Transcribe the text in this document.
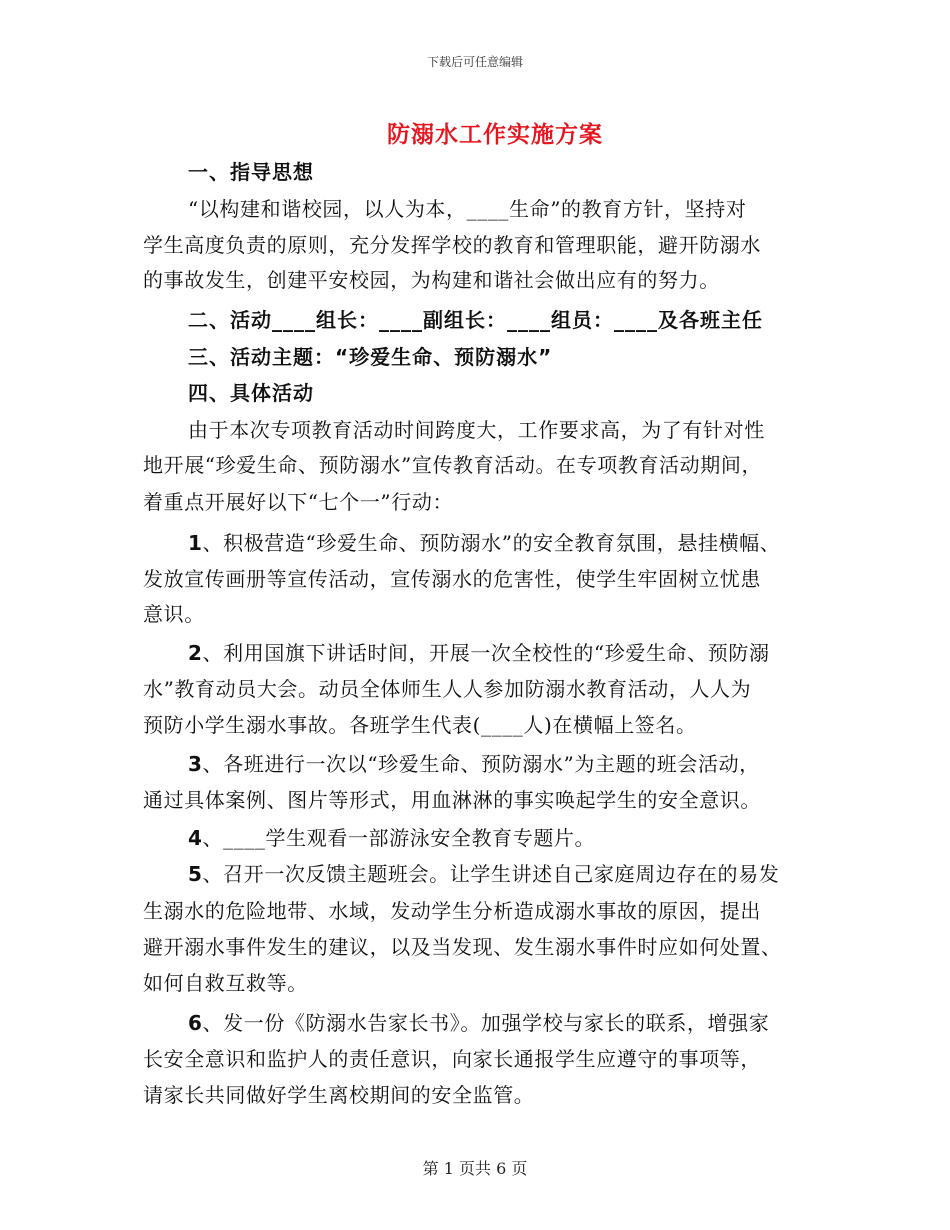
下载后可任意编辑
防溺水工作实施方案
一、指导思想
“以构建和谐校园，以人为本，____生命”的教育方针，坚持对
学生高度负责的原则，充分发挥学校的教育和管理职能，避开防溺水
的事故发生，创建平安校园，为构建和谐社会做出应有的努力。
二、活动____组长：____副组长：____组员：____及各班主任
三、活动主题：“珍爱生命、预防溺水”
四、具体活动
由于本次专项教育活动时间跨度大，工作要求高，为了有针对性
地开展“珍爱生命、预防溺水”宣传教育活动。在专项教育活动期间，
着重点开展好以下“七个一”行动：
1、积极营造“珍爱生命、预防溺水”的安全教育氛围，悬挂横幅、
发放宣传画册等宣传活动，宣传溺水的危害性，使学生牢固树立忧患
意识。
2、利用国旗下讲话时间，开展一次全校性的“珍爱生命、预防溺
水”教育动员大会。动员全体师生人人参加防溺水教育活动，人人为
预防小学生溺水事故。各班学生代表(____人)在横幅上签名。
3、各班进行一次以“珍爱生命、预防溺水”为主题的班会活动，
通过具体案例、图片等形式，用血淋淋的事实唤起学生的安全意识。
4、____学生观看一部游泳安全教育专题片。
5、召开一次反馈主题班会。让学生讲述自己家庭周边存在的易发
生溺水的危险地带、水域，发动学生分析造成溺水事故的原因，提出
避开溺水事件发生的建议，以及当发现、发生溺水事件时应如何处置、
如何自救互救等。
6、发一份《防溺水告家长书》。加强学校与家长的联系，增强家
长安全意识和监护人的责任意识，向家长通报学生应遵守的事项等，
请家长共同做好学生离校期间的安全监管。
第 1 页共 6 页
